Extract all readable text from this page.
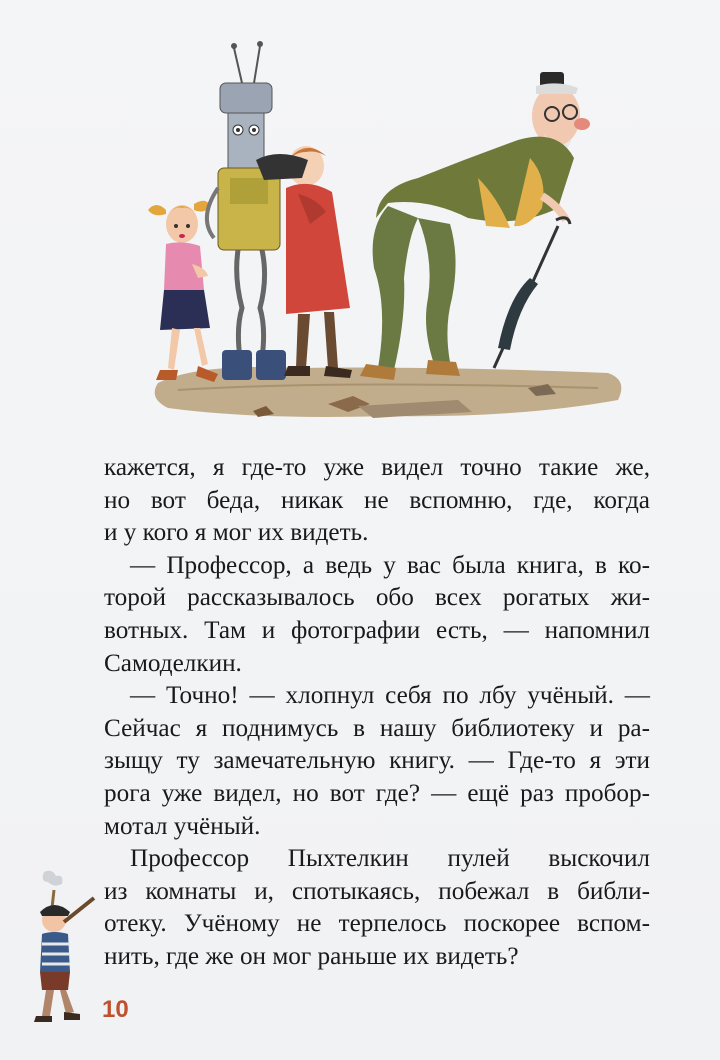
кажется, я где-то уже видел точно такие же,
но вот беда, никак не вспомню, где, когда
и у кого я мог их видеть.

— Профессор, а ведь у вас была книга, в ко-
торой рассказывалось обо всех рогатых жи-
вотных. Там и фотографии есть, — напомнил
Самоделкин.

— Точно! — хлопнул себя по лбу учёный. —
Сейчас я поднимусь в нашу библиотеку и ра-
зыщу ту замечательную книгу. — Где-то я эти
рога уже видел, но вот где? — ещё раз пробор-
мотал учёный.

Профессор Пыхтелкин пулей выскочил
из комнаты и, спотыкаясь, побежал в библи-
отеку. Учёному не терпелось поскорее вспом-
нить, где же он мог раньше их видеть?

10
